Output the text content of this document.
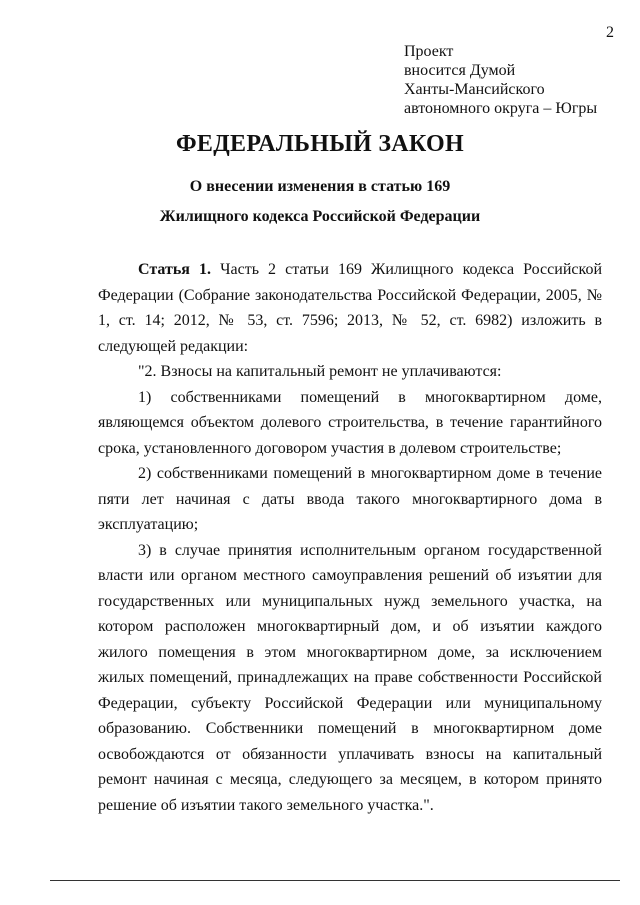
2
Проект
вносится Думой
Ханты-Мансийского
автономного округа – Югры
ФЕДЕРАЛЬНЫЙ ЗАКОН
О внесении изменения в статью 169
Жилищного кодекса Российской Федерации

Статья 1. Часть 2 статьи 169 Жилищного кодекса Российской Федерации (Собрание законодательства Российской Федерации, 2005, № 1, ст. 14; 2012, № 53, ст. 7596; 2013, № 52, ст. 6982) изложить в следующей редакции:

"2. Взносы на капитальный ремонт не уплачиваются:

1) собственниками помещений в многоквартирном доме, являющемся объектом долевого строительства, в течение гарантийного срока, установленного договором участия в долевом строительстве;

2) собственниками помещений в многоквартирном доме в течение пяти лет начиная с даты ввода такого многоквартирного дома в эксплуатацию;

3) в случае принятия исполнительным органом государственной власти или органом местного самоуправления решений об изъятии для государственных или муниципальных нужд земельного участка, на котором расположен многоквартирный дом, и об изъятии каждого жилого помещения в этом многоквартирном доме, за исключением жилых помещений, принадлежащих на праве собственности Российской Федерации, субъекту Российской Федерации или муниципальному образованию. Собственники помещений в многоквартирном доме освобождаются от обязанности уплачивать взносы на капитальный ремонт начиная с месяца, следующего за месяцем, в котором принято решение об изъятии такого земельного участка.".
